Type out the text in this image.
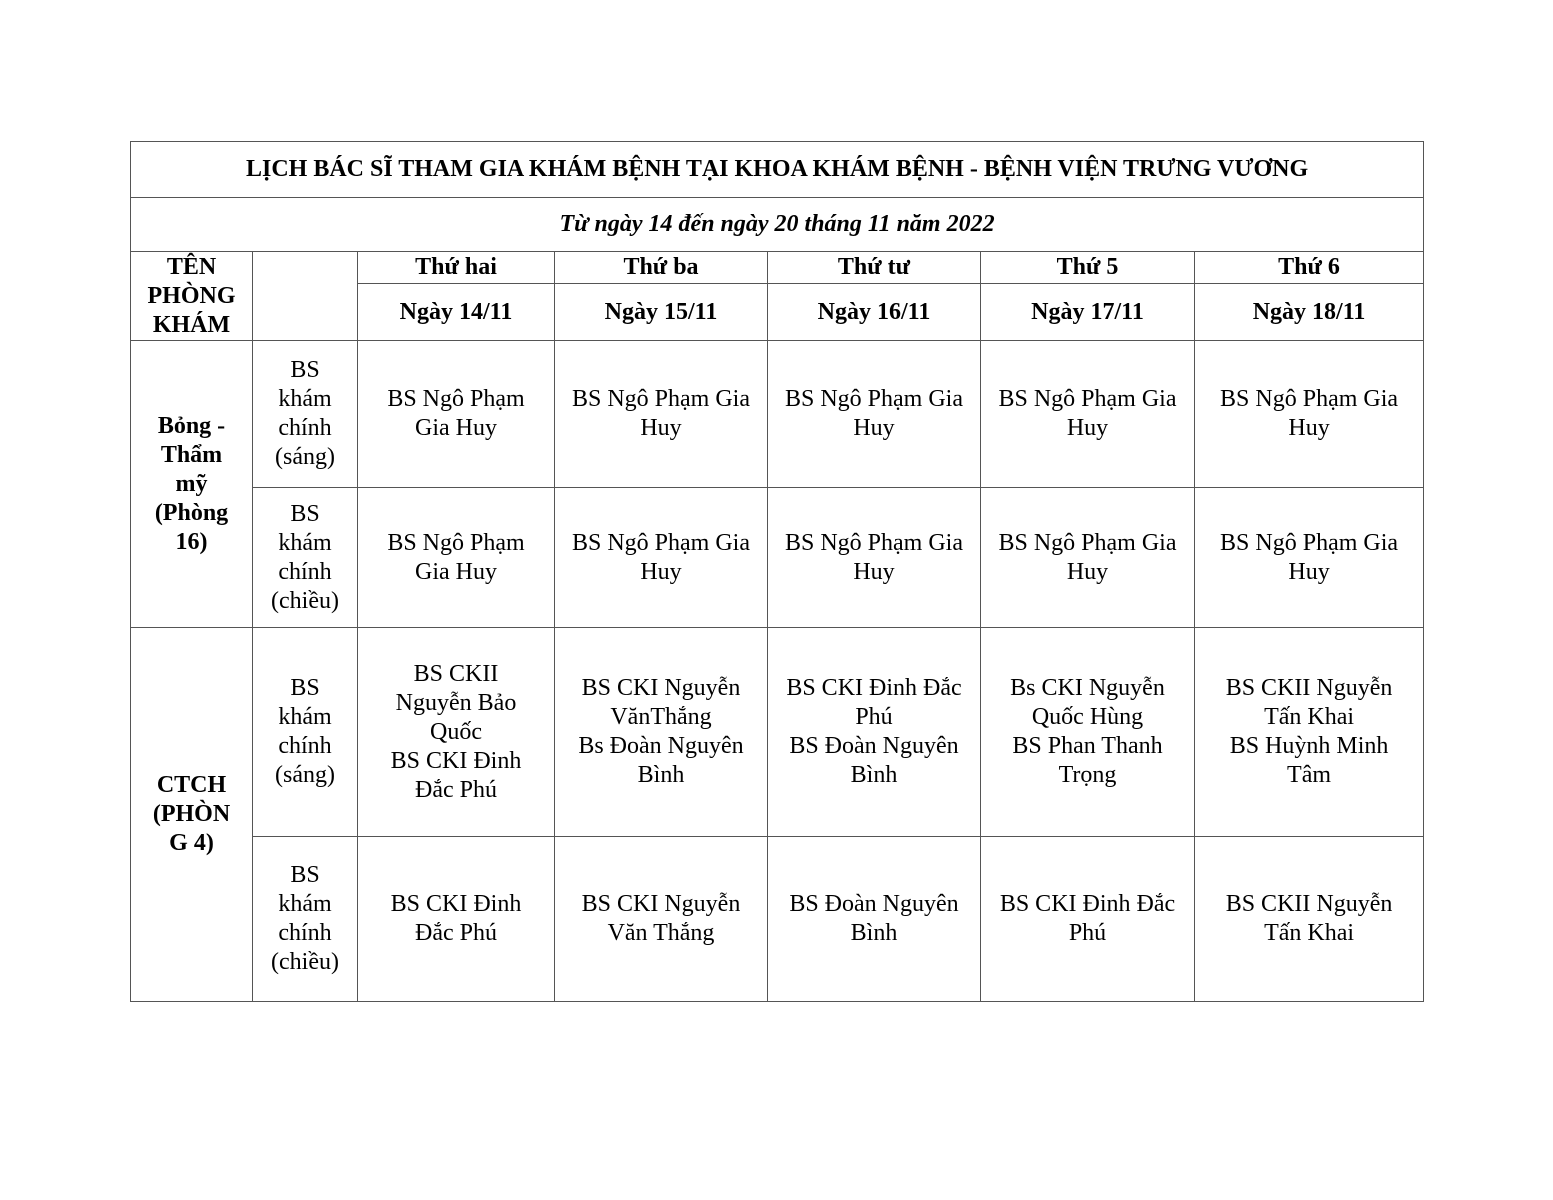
LỊCH BÁC SĨ THAM GIA KHÁM BỆNH TẠI KHOA KHÁM BỆNH - BỆNH VIỆN TRƯNG VƯƠNG						
Từ ngày 14 đến ngày 20 tháng 11 năm 2022						

TÊN
PHÒNG
KHÁM		Thứ hai	Thứ ba	Thứ tư	Thứ 5	Thứ 6
		Ngày 14/11	Ngày 15/11	Ngày 16/11	Ngày 17/11	Ngày 18/11

Bỏng -
Thẩm
mỹ
(Phòng
16)	BS
khám
chính
(sáng)	BS Ngô Phạm
Gia Huy	BS Ngô Phạm Gia
Huy	BS Ngô Phạm Gia
Huy	BS Ngô Phạm Gia
Huy	BS Ngô Phạm Gia
Huy

	BS
khám
chính
(chiều)	BS Ngô Phạm
Gia Huy	BS Ngô Phạm Gia
Huy	BS Ngô Phạm Gia
Huy	BS Ngô Phạm Gia
Huy	BS Ngô Phạm Gia
Huy

CTCH
(PHÒN
G 4)	BS
khám
chính
(sáng)	BS CKII
Nguyễn Bảo
Quốc
BS CKI Đinh
Đắc Phú	BS CKI Nguyễn
VănThắng
Bs Đoàn Nguyên
Bình	BS CKI Đinh Đắc
Phú
BS Đoàn Nguyên
Bình	Bs CKI Nguyễn
Quốc Hùng
BS Phan Thanh
Trọng	BS CKII Nguyễn
Tấn Khai
BS Huỳnh Minh
Tâm

	BS
khám
chính
(chiều)	BS CKI Đinh
Đắc Phú	BS CKI Nguyễn
Văn Thắng	BS Đoàn Nguyên
Bình	BS CKI Đinh Đắc
Phú	BS CKII Nguyễn
Tấn Khai
